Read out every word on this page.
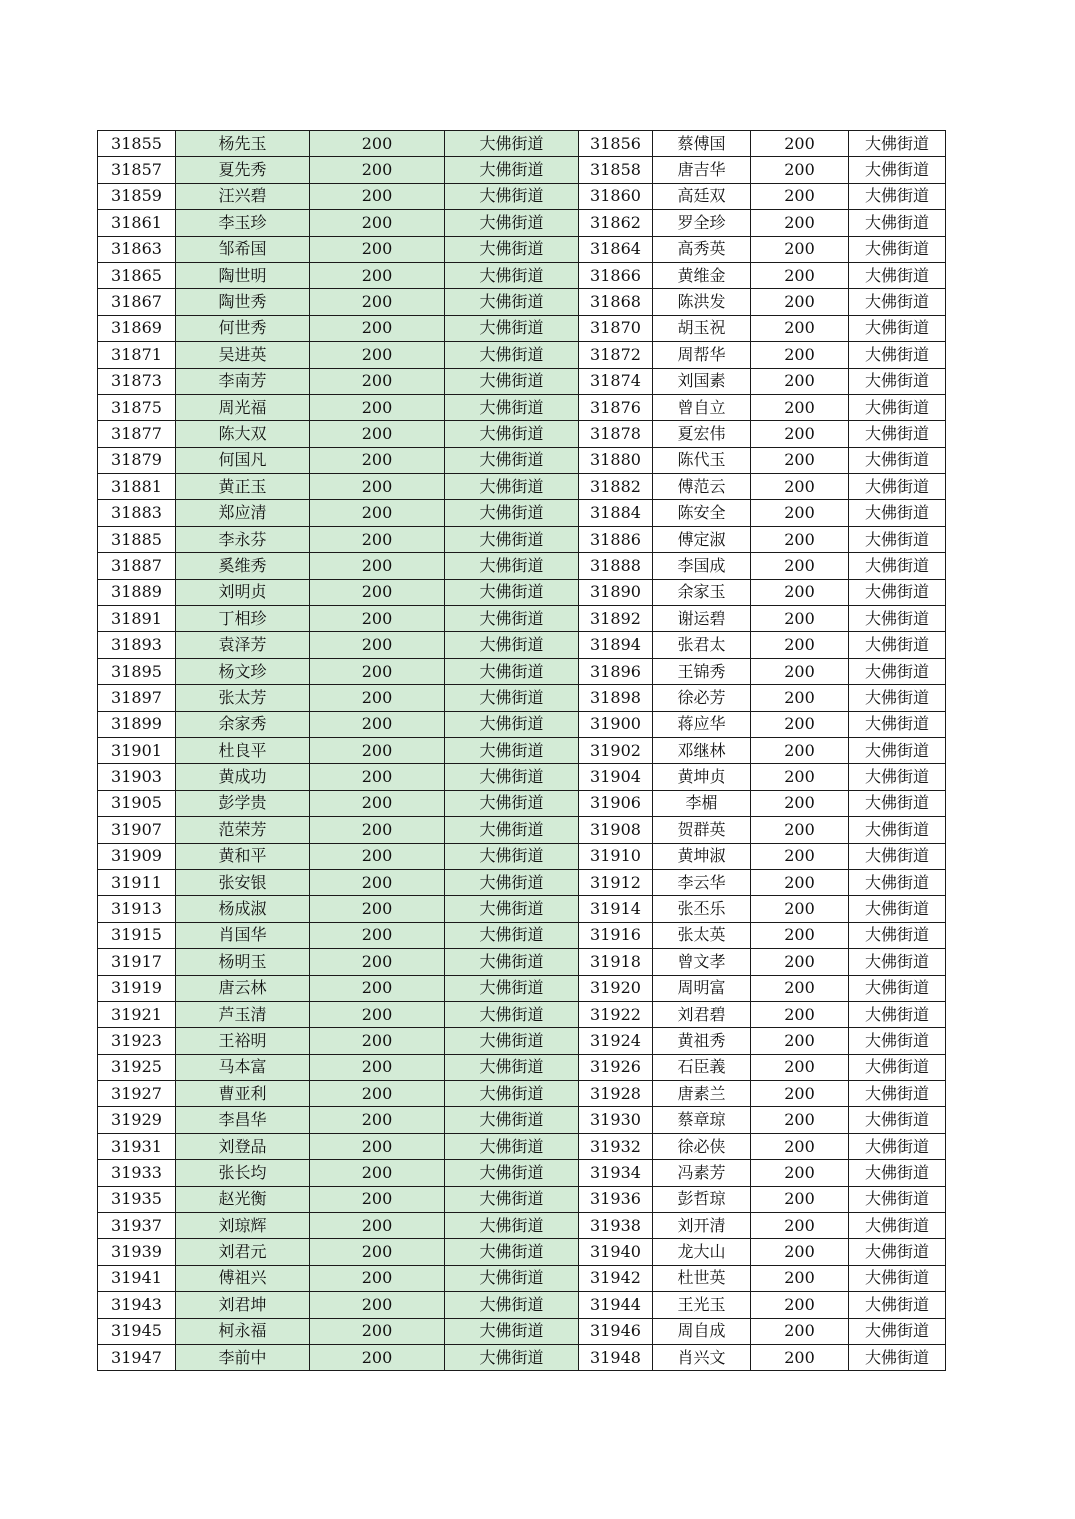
31855	杨先玉	200	大佛街道	31856	蔡傅国	200	大佛街道
31857	夏先秀	200	大佛街道	31858	唐吉华	200	大佛街道
31859	汪兴碧	200	大佛街道	31860	高廷双	200	大佛街道
31861	李玉珍	200	大佛街道	31862	罗全珍	200	大佛街道
31863	邹希国	200	大佛街道	31864	高秀英	200	大佛街道
31865	陶世明	200	大佛街道	31866	黄维金	200	大佛街道
31867	陶世秀	200	大佛街道	31868	陈洪发	200	大佛街道
31869	何世秀	200	大佛街道	31870	胡玉祝	200	大佛街道
31871	吴进英	200	大佛街道	31872	周帮华	200	大佛街道
31873	李南芳	200	大佛街道	31874	刘国素	200	大佛街道
31875	周光福	200	大佛街道	31876	曾自立	200	大佛街道
31877	陈大双	200	大佛街道	31878	夏宏伟	200	大佛街道
31879	何国凡	200	大佛街道	31880	陈代玉	200	大佛街道
31881	黄正玉	200	大佛街道	31882	傅范云	200	大佛街道
31883	郑应清	200	大佛街道	31884	陈安全	200	大佛街道
31885	李永芬	200	大佛街道	31886	傅定淑	200	大佛街道
31887	奚维秀	200	大佛街道	31888	李国成	200	大佛街道
31889	刘明贞	200	大佛街道	31890	余家玉	200	大佛街道
31891	丁相珍	200	大佛街道	31892	谢运碧	200	大佛街道
31893	袁泽芳	200	大佛街道	31894	张君太	200	大佛街道
31895	杨文珍	200	大佛街道	31896	王锦秀	200	大佛街道
31897	张太芳	200	大佛街道	31898	徐必芳	200	大佛街道
31899	余家秀	200	大佛街道	31900	蒋应华	200	大佛街道
31901	杜良平	200	大佛街道	31902	邓继林	200	大佛街道
31903	黄成功	200	大佛街道	31904	黄坤贞	200	大佛街道
31905	彭学贵	200	大佛街道	31906	李楣	200	大佛街道
31907	范荣芳	200	大佛街道	31908	贺群英	200	大佛街道
31909	黄和平	200	大佛街道	31910	黄坤淑	200	大佛街道
31911	张安银	200	大佛街道	31912	李云华	200	大佛街道
31913	杨成淑	200	大佛街道	31914	张丕乐	200	大佛街道
31915	肖国华	200	大佛街道	31916	张太英	200	大佛街道
31917	杨明玉	200	大佛街道	31918	曾文孝	200	大佛街道
31919	唐云林	200	大佛街道	31920	周明富	200	大佛街道
31921	芦玉清	200	大佛街道	31922	刘君碧	200	大佛街道
31923	王裕明	200	大佛街道	31924	黄祖秀	200	大佛街道
31925	马本富	200	大佛街道	31926	石臣義	200	大佛街道
31927	曹亚利	200	大佛街道	31928	唐素兰	200	大佛街道
31929	李昌华	200	大佛街道	31930	蔡章琼	200	大佛街道
31931	刘登品	200	大佛街道	31932	徐必侠	200	大佛街道
31933	张长均	200	大佛街道	31934	冯素芳	200	大佛街道
31935	赵光衡	200	大佛街道	31936	彭哲琼	200	大佛街道
31937	刘琼辉	200	大佛街道	31938	刘开清	200	大佛街道
31939	刘君元	200	大佛街道	31940	龙大山	200	大佛街道
31941	傅祖兴	200	大佛街道	31942	杜世英	200	大佛街道
31943	刘君坤	200	大佛街道	31944	王光玉	200	大佛街道
31945	柯永福	200	大佛街道	31946	周自成	200	大佛街道
31947	李前中	200	大佛街道	31948	肖兴文	200	大佛街道
